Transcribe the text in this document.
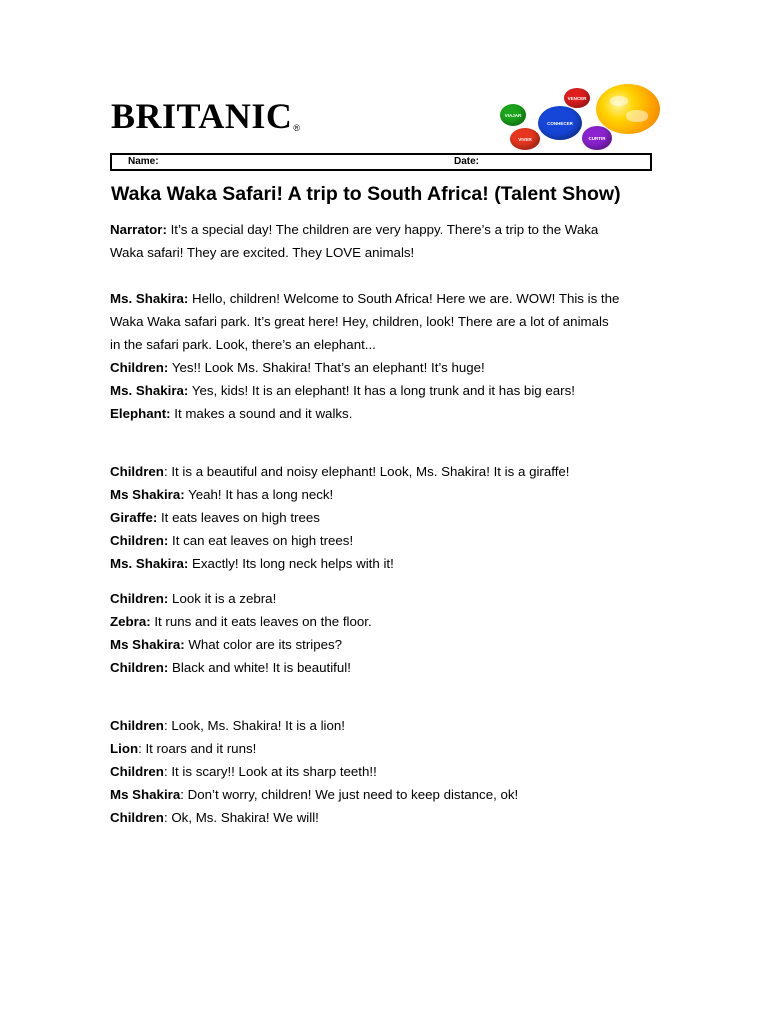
BRITANIC®
VIAJAR
VENCER
CONHECER
VIVER	CURTIR
Name:	Date:
Waka Waka Safari! A trip to South Africa! (Talent Show)

Narrator: It’s a special day! The children are very happy. There’s a trip to the Waka

Waka safari! They are excited. They LOVE animals!

Ms. Shakira: Hello, children! Welcome to South Africa! Here we are. WOW! This is the

Waka Waka safari park. It’s great here! Hey, children, look! There are a lot of animals

in the safari park. Look, there’s an elephant...

Children: Yes!! Look Ms. Shakira! That’s an elephant! It’s huge!

Ms. Shakira: Yes, kids! It is an elephant! It has a long trunk and it has big ears!

Elephant: It makes a sound and it walks.

Children: It is a beautiful and noisy elephant! Look, Ms. Shakira! It is a giraffe!

Ms Shakira: Yeah! It has a long neck!

Giraffe: It eats leaves on high trees

Children: It can eat leaves on high trees!

Ms. Shakira: Exactly! Its long neck helps with it!

Children: Look it is a zebra!

Zebra: It runs and it eats leaves on the floor.

Ms Shakira: What color are its stripes?

Children: Black and white! It is beautiful!

Children: Look, Ms. Shakira! It is a lion!

Lion: It roars and it runs!

Children: It is scary!! Look at its sharp teeth!!

Ms Shakira: Don’t worry, children! We just need to keep distance, ok!

Children: Ok, Ms. Shakira! We will!
